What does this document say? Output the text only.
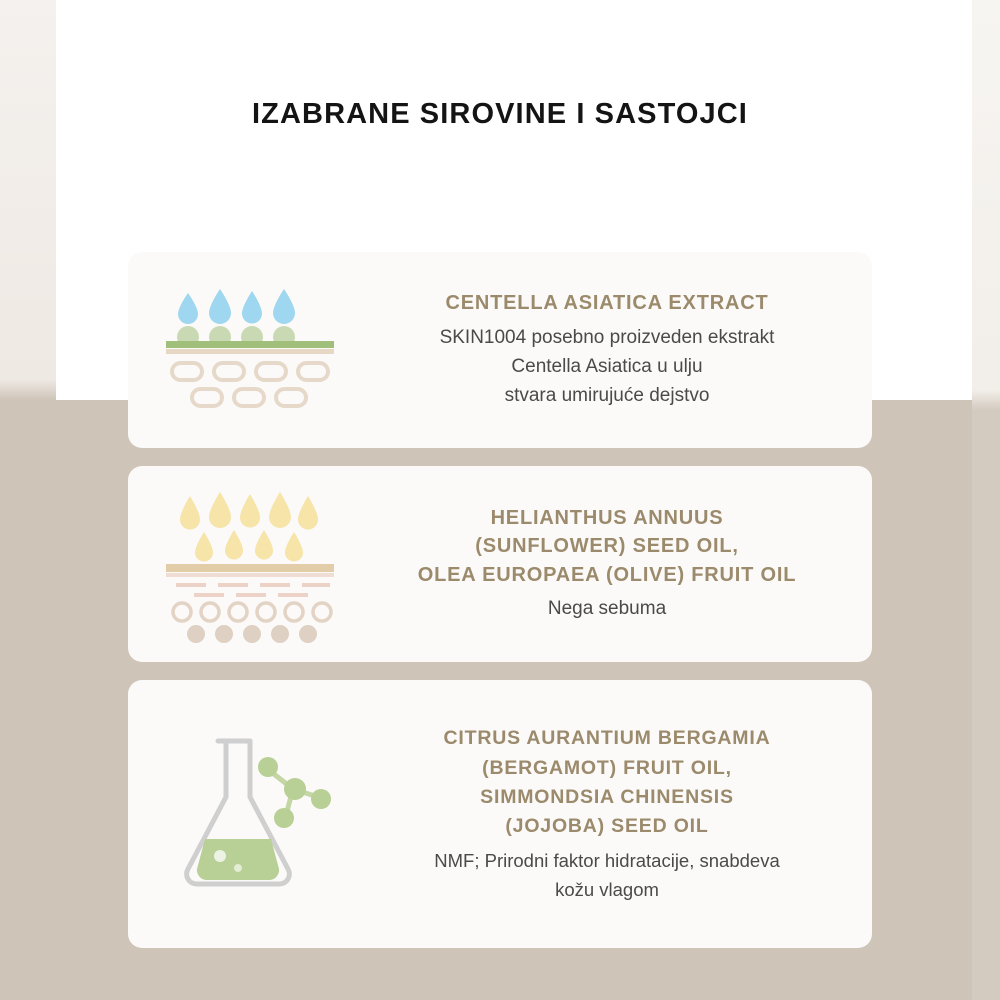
IZABRANE SIROVINE I SASTOJCI
CENTELLA ASIATICA EXTRACT
SKIN1004 posebno proizveden ekstrakt
Centella Asiatica u ulju
stvara umirujuće dejstvo
HELIANTHUS ANNUUS
(SUNFLOWER) SEED OIL,
OLEA EUROPAEA (OLIVE) FRUIT OIL
Nega sebuma
CITRUS AURANTIUM BERGAMIA
(BERGAMOT) FRUIT OIL,
SIMMONDSIA CHINENSIS
(JOJOBA) SEED OIL
NMF; Prirodni faktor hidratacije, snabdeva
kožu vlagom
